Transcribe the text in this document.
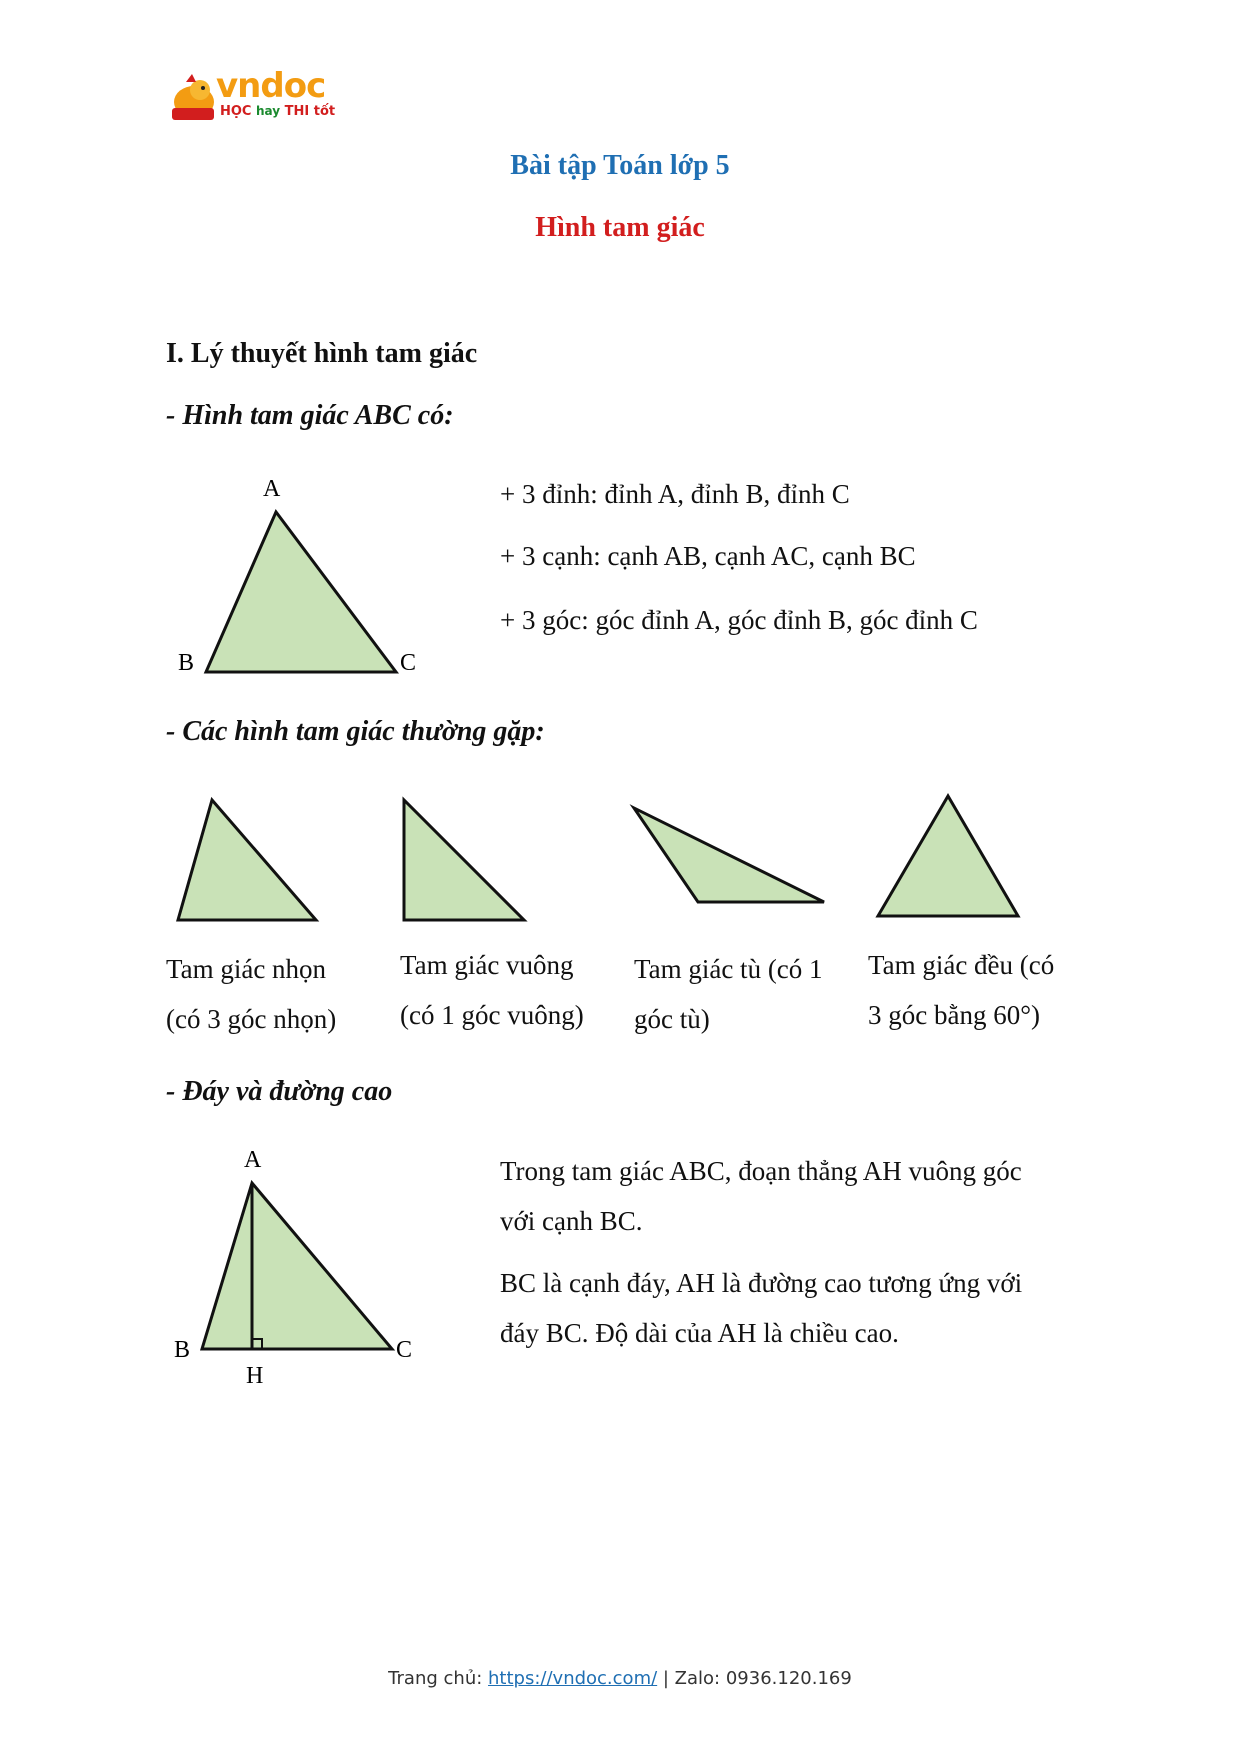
vndoc
HỌC hay THI tốt
Bài tập Toán lớp 5
Hình tam giác
I. Lý thuyết hình tam giác
- Hình tam giác ABC có:
A
B	C
+ 3 đỉnh: đỉnh A, đỉnh B, đỉnh C
+ 3 cạnh: cạnh AB, cạnh AC, cạnh BC
+ 3 góc: góc đỉnh A, góc đỉnh B, góc đỉnh C
- Các hình tam giác thường gặp:
Tam giác nhọn
(có 3 góc nhọn)
Tam giác vuông
(có 1 góc vuông)
Tam giác tù (có 1
góc tù)
Tam giác đều (có
3 góc bằng 60°)
- Đáy và đường cao
A
B	C
H
Trong tam giác ABC, đoạn thẳng AH vuông góc
với cạnh BC.
BC là cạnh đáy, AH là đường cao tương ứng với
đáy BC. Độ dài của AH là chiều cao.
Trang chủ: https://vndoc.com/ | Zalo: 0936.120.169
